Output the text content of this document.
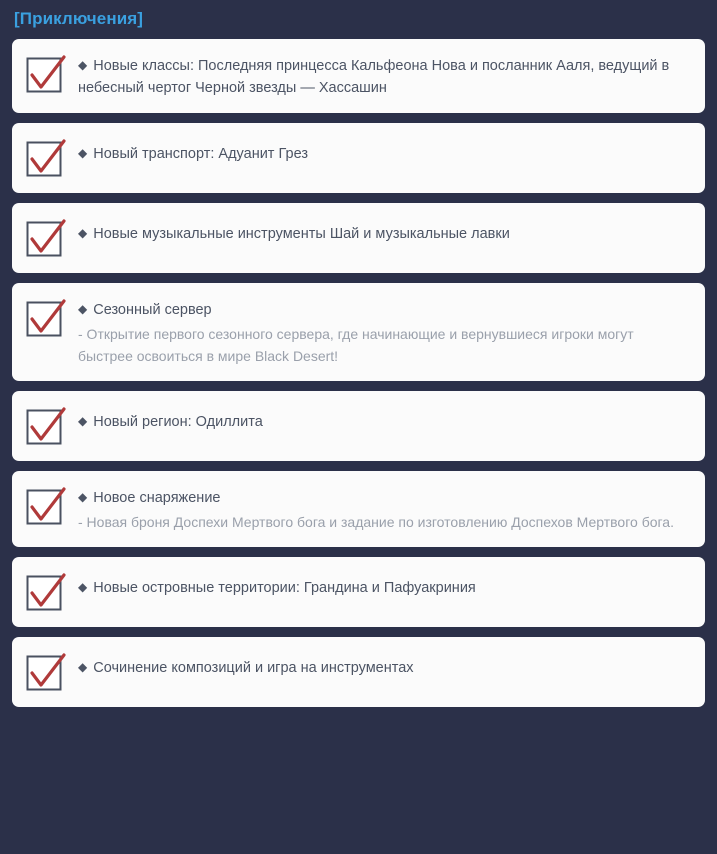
[Приключения]
◆ Новые классы: Последняя принцесса Кальфеона Нова и посланник Ааля, ведущий в небесный чертог Черной звезды — Хассашин
◆ Новый транспорт: Адуанит Грез
◆ Новые музыкальные инструменты Шай и музыкальные лавки
◆ Сезонный сервер
- Открытие первого сезонного сервера, где начинающие и вернувшиеся игроки могут быстрее освоиться в мире Black Desert!
◆ Новый регион: Одиллита
◆ Новое снаряжение
- Новая броня Доспехи Мертвого бога и задание по изготовлению Доспехов Мертвого бога.
◆ Новые островные территории: Грандина и Пафуакриния
◆ Сочинение композиций и игра на инструментах
